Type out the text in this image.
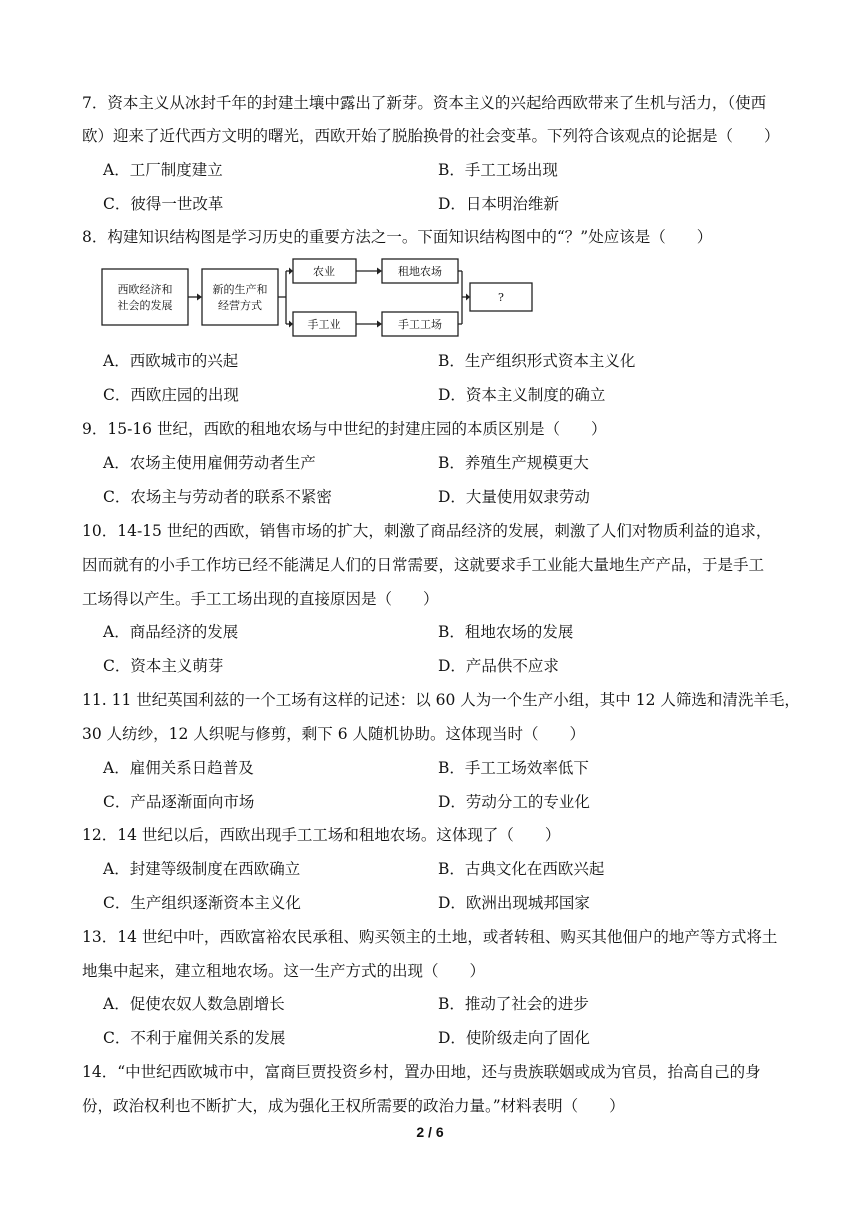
7．资本主义从冰封千年的封建土壤中露出了新芽。资本主义的兴起给西欧带来了生机与活力，（使西
欧）迎来了近代西方文明的曙光，西欧开始了脱胎换骨的社会变革。下列符合该观点的论据是（　　）
A．工厂制度建立	B．手工工场出现
C．彼得一世改革	D．日本明治维新
8．构建知识结构图是学习历史的重要方法之一。下面知识结构图中的“？”处应该是（　　）
西欧经济和
社会的发展
新的生产和
经营方式
农业	租地农场
手工业	手工工场
?
A．西欧城市的兴起	B．生产组织形式资本主义化
C．西欧庄园的出现	D．资本主义制度的确立
9．15-16 世纪，西欧的租地农场与中世纪的封建庄园的本质区别是（　　）
A．农场主使用雇佣劳动者生产	B．养殖生产规模更大
C．农场主与劳动者的联系不紧密	D．大量使用奴隶劳动
10．14-15 世纪的西欧，销售市场的扩大，刺激了商品经济的发展，刺激了人们对物质利益的追求，
因而就有的小手工作坊已经不能满足人们的日常需要，这就要求手工业能大量地生产产品，于是手工
工场得以产生。手工工场出现的直接原因是（　　）
A．商品经济的发展	B．租地农场的发展
C．资本主义萌芽	D．产品供不应求
11. 11 世纪英国利兹的一个工场有这样的记述：以 60 人为一个生产小组，其中 12 人筛选和清洗羊毛，
30 人纺纱，12 人织呢与修剪，剩下 6 人随机协助。这体现当时（　　）
A．雇佣关系日趋普及	B．手工工场效率低下
C．产品逐渐面向市场	D．劳动分工的专业化
12．14 世纪以后，西欧出现手工工场和租地农场。这体现了（　　）
A．封建等级制度在西欧确立	B．古典文化在西欧兴起
C．生产组织逐渐资本主义化	D．欧洲出现城邦国家
13．14 世纪中叶，西欧富裕农民承租、购买领主的土地，或者转租、购买其他佃户的地产等方式将土
地集中起来，建立租地农场。这一生产方式的出现（　　）
A．促使农奴人数急剧增长	B．推动了社会的进步
C．不利于雇佣关系的发展	D．使阶级走向了固化
14．“中世纪西欧城市中，富商巨贾投资乡村，置办田地，还与贵族联姻或成为官员，抬高自己的身
份，政治权利也不断扩大，成为强化王权所需要的政治力量。”材料表明（　　）
2 / 6
